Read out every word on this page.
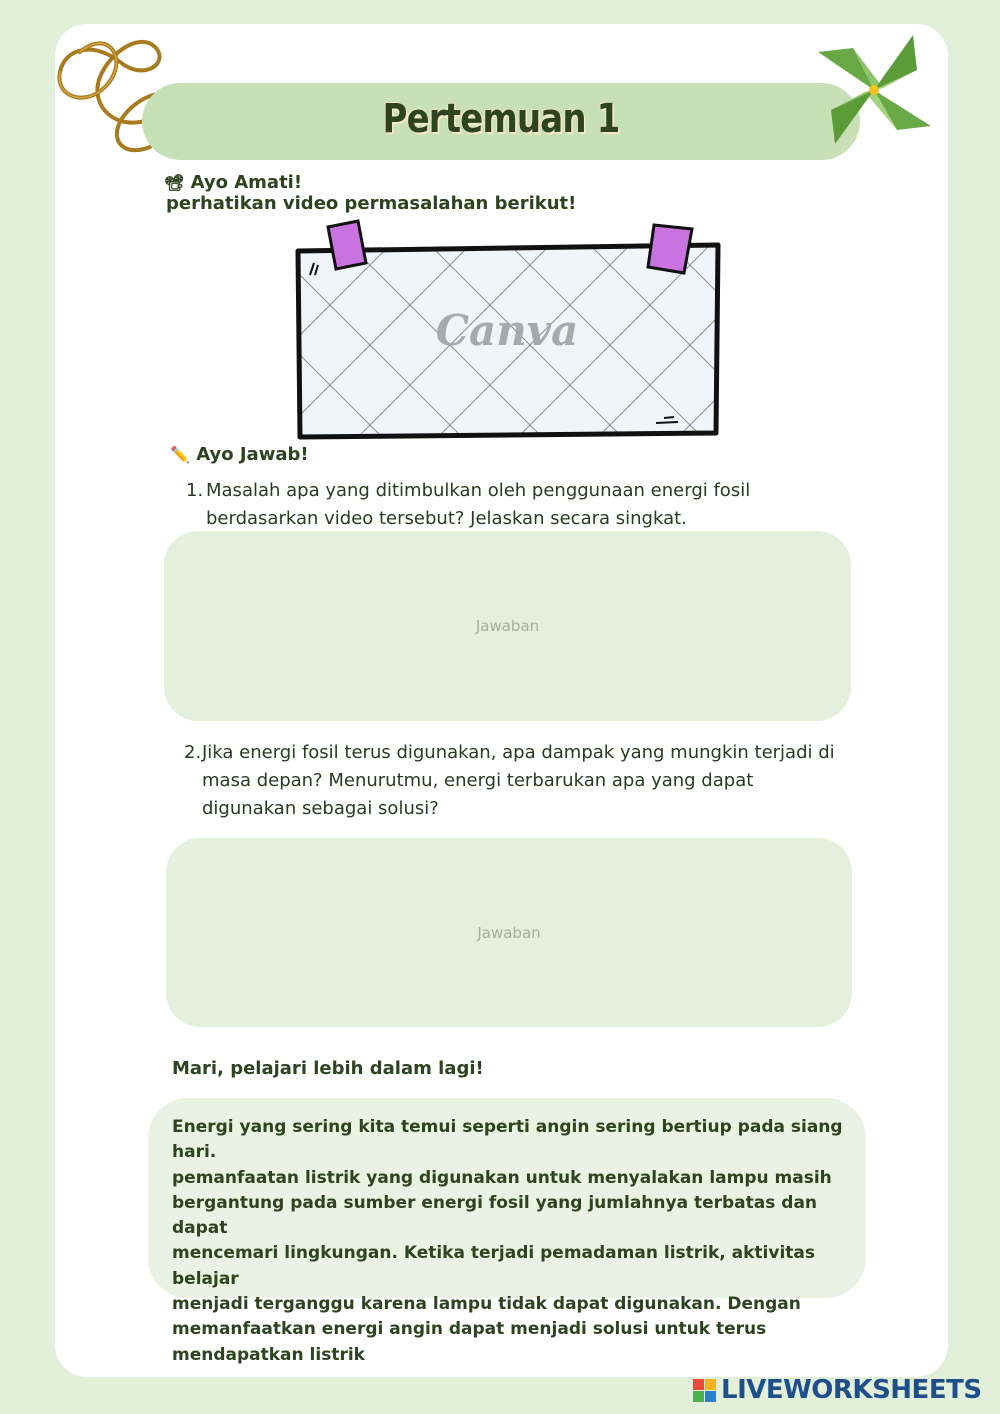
Pertemuan 1
📽 Ayo Amati!
perhatikan video permasalahan berikut!
Canva
✏️ Ayo Jawab!
1. Masalah apa yang ditimbulkan oleh penggunaan energi fosil
berdasarkan video tersebut? Jelaskan secara singkat.
Jawaban
2. Jika energi fosil terus digunakan, apa dampak yang mungkin terjadi di
masa depan? Menurutmu, energi terbarukan apa yang dapat
digunakan sebagai solusi?
Jawaban
Mari, pelajari lebih dalam lagi!
Energi yang sering kita temui seperti angin sering bertiup pada siang hari.
pemanfaatan listrik yang digunakan untuk menyalakan lampu masih
bergantung pada sumber energi fosil yang jumlahnya terbatas dan dapat
mencemari lingkungan. Ketika terjadi pemadaman listrik, aktivitas belajar
menjadi terganggu karena lampu tidak dapat digunakan. Dengan
memanfaatkan energi angin dapat menjadi solusi untuk terus
mendapatkan listrik
LIVEWORKSHEETS
